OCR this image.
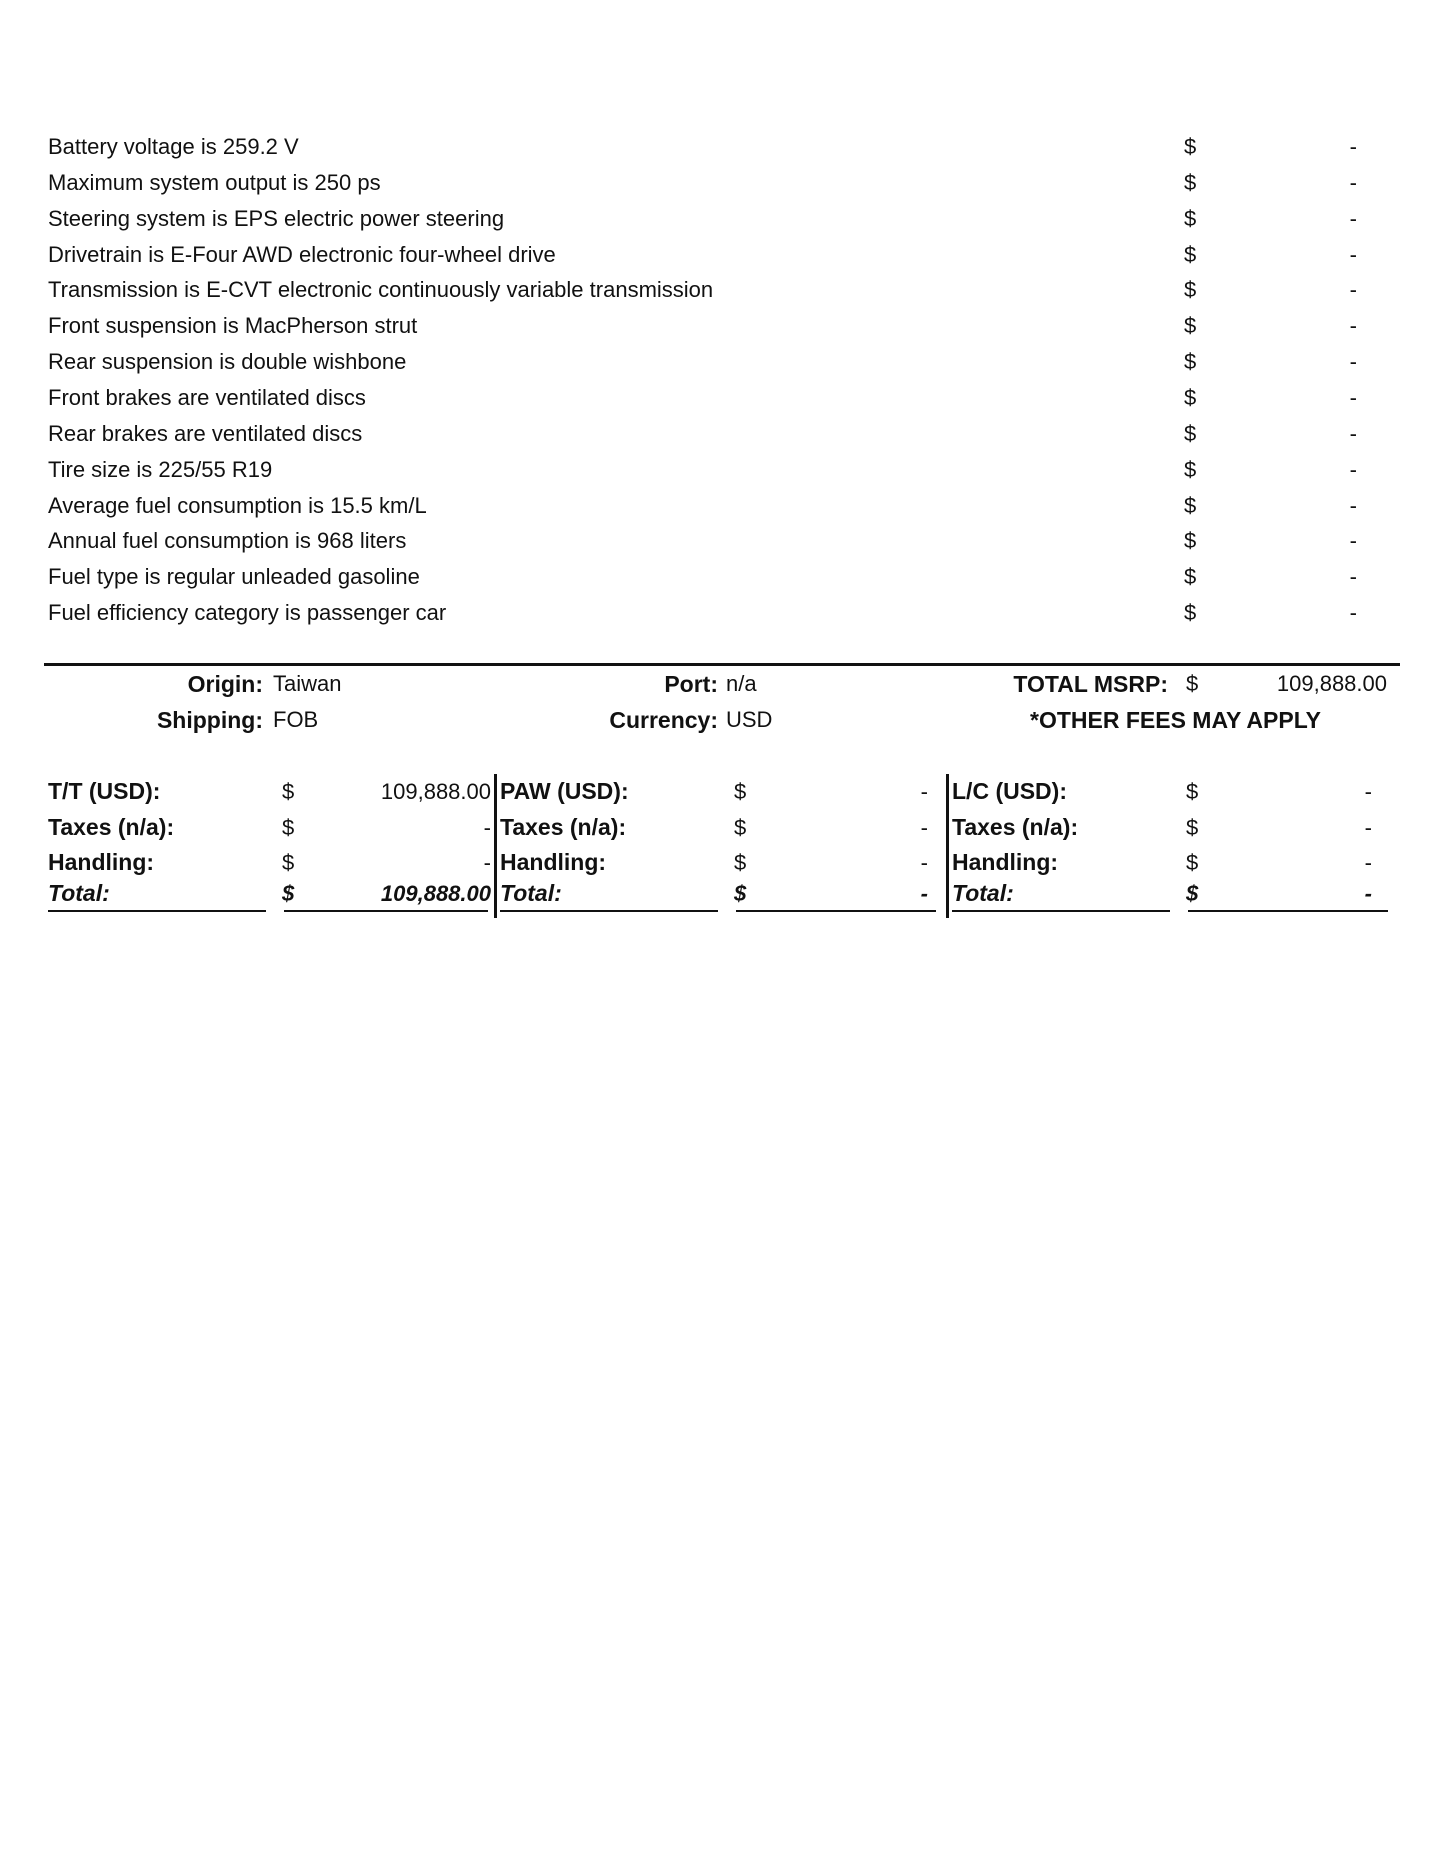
Battery voltage is 259.2 V	$	-
Maximum system output is 250 ps	$	-
Steering system is EPS electric power steering	$	-
Drivetrain is E-Four AWD electronic four-wheel drive	$	-
Transmission is E-CVT electronic continuously variable transmission	$	-
Front suspension is MacPherson strut	$	-
Rear suspension is double wishbone	$	-
Front brakes are ventilated discs	$	-
Rear brakes are ventilated discs	$	-
Tire size is 225/55 R19	$	-
Average fuel consumption is 15.5 km/L	$	-
Annual fuel consumption is 968 liters	$	-
Fuel type is regular unleaded gasoline	$	-
Fuel efficiency category is passenger car	$	-
Origin: Taiwan
Shipping: FOB
Port: n/a
Currency: USD
TOTAL MSRP: $	109,888.00
*OTHER FEES MAY APPLY
T/T (USD):	$	109,888.00
Taxes (n/a):	$	-
Handling:	$	-
Total:	$	109,888.00
PAW (USD):	$	-
Taxes (n/a):	$	-
Handling:	$	-
Total:	$	-
L/C (USD):	$	-
Taxes (n/a):	$	-
Handling:	$	-
Total:	$	-
